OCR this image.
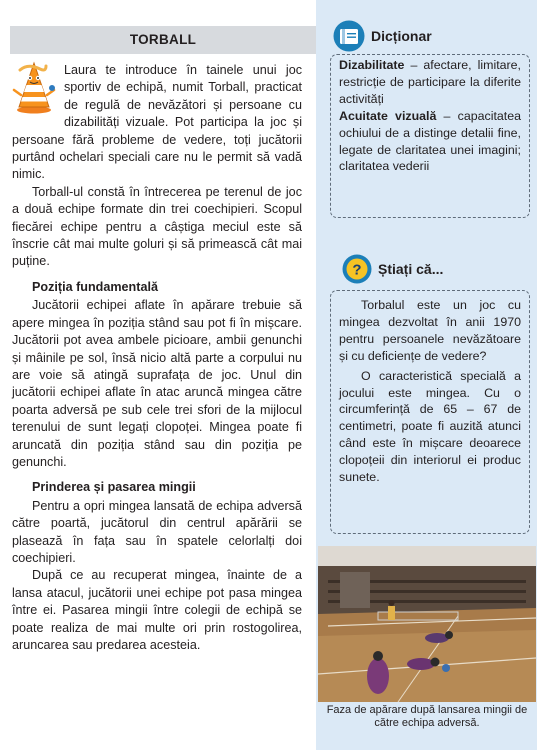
TORBALL

Laura te introduce în tainele unui joc sportiv de echipă, numit Torball, practicat de regulă de nevăzători și persoane cu dizabilități vizuale. Pot participa la joc și persoane fără probleme de vedere, toți jucătorii purtând ochelari speciali care nu le permit să vadă nimic.

Torball-ul constă în întrecerea pe terenul de joc a două echipe formate din trei coechipieri. Scopul fiecărei echipe pentru a câștiga meciul este să înscrie cât mai multe goluri și să primească cât mai puține.

Poziția fundamentală

Jucătorii echipei aflate în apărare trebuie să apere mingea în poziția stând sau pot fi în mișcare. Jucătorii pot avea ambele picioare, ambii genunchi și mâinile pe sol, însă nicio altă parte a corpului nu are voie să atingă suprafața de joc. Unul din jucătorii echipei aflate în atac aruncă mingea către poarta adversă pe sub cele trei sfori de la mijlocul terenului de sunt legați clopoței. Mingea poate fi aruncată din poziția stând sau din poziția pe genunchi.

Prinderea și pasarea mingii

Pentru a opri mingea lansată de echipa adversă către poartă, jucătorul din centrul apărării se plasează în fața sau în spatele celorlalți doi coechipieri.

După ce au recuperat mingea, înainte de a lansa atacul, jucătorii unei echipe pot pasa mingea între ei. Pasarea mingii între colegii de echipă se poate realiza de mai multe ori prin rostogolirea, aruncarea sau predarea acesteia.

Dicționar

Dizabilitate – afectare, limitare, restricție de participare la diferite activități

Acuitate vizuală – capacitatea ochiului de a distinge detalii fine, legate de claritatea unei imagini; claritatea vederii

? Știați că...

Torbalul este un joc cu mingea dezvoltat în anii 1970 pentru persoanele nevăzătoare și cu deficiențe de vedere?

O caracteristică specială a jocului este mingea. Cu o circumferință de 65 – 67 de centimetri, poate fi auzită atunci când este în mișcare deoarece clopoțeii din interiorul ei produc sunete.

Faza de apărare după lansarea mingii de către echipa adversă.
